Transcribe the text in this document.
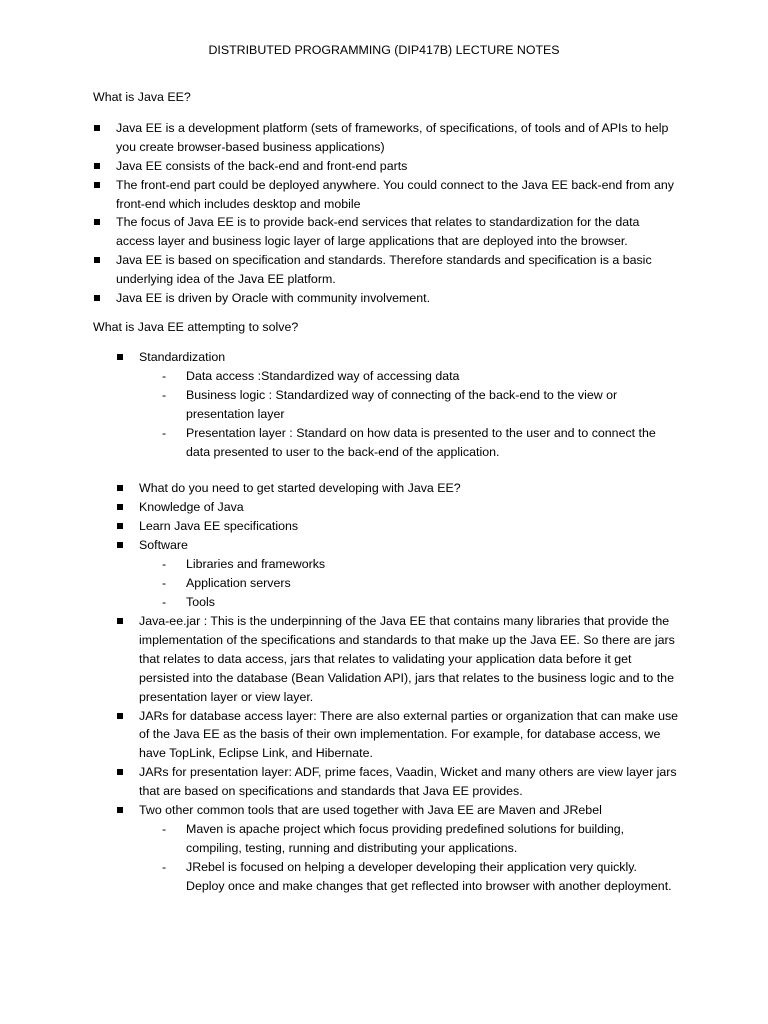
DISTRIBUTED PROGRAMMING (DIP417B) LECTURE NOTES
What is Java EE?
Java EE is a development platform (sets of frameworks, of specifications, of tools and of APIs to help you create browser-based business applications)
Java EE consists of the back-end and front-end parts
The front-end part could be deployed anywhere. You could connect to the Java EE back-end from any front-end which includes desktop and mobile
The focus of Java EE is to provide back-end services that relates to standardization for the data access layer and business logic layer of large applications that are deployed into the browser.
Java EE is based on specification and standards. Therefore standards and specification is a basic underlying idea of the Java EE platform.
Java EE is driven by Oracle with community involvement.
What is Java EE attempting to solve?
Standardization
- Data access :Standardized way of accessing data
- Business logic : Standardized way of connecting of the back-end to the view or presentation layer
- Presentation layer : Standard on how data is presented to the user and to connect the data presented to user to the back-end of the application.
What do you need to get started developing with Java EE?
Knowledge of Java
Learn Java EE specifications
Software
- Libraries and frameworks
- Application servers
- Tools
Java-ee.jar : This is the underpinning of the Java EE that contains many libraries that provide the implementation of the specifications and standards to that make up the Java EE. So there are jars that relates to data access, jars that relates to validating your application data before it get persisted into the database (Bean Validation API), jars that relates to the business logic and to the presentation layer or view layer.
JARs for database access layer: There are also external parties or organization that can make use of the Java EE as the basis of their own implementation. For example, for database access, we have TopLink, Eclipse Link, and Hibernate.
JARs for presentation layer: ADF, prime faces, Vaadin, Wicket and many others are view layer jars that are based on specifications and standards that Java EE provides.
Two other common tools that are used together with Java EE are Maven and JRebel
- Maven is apache project which focus providing predefined solutions for building, compiling, testing, running and distributing your applications.
- JRebel is focused on helping a developer developing their application very quickly. Deploy once and make changes that get reflected into browser with another deployment.
